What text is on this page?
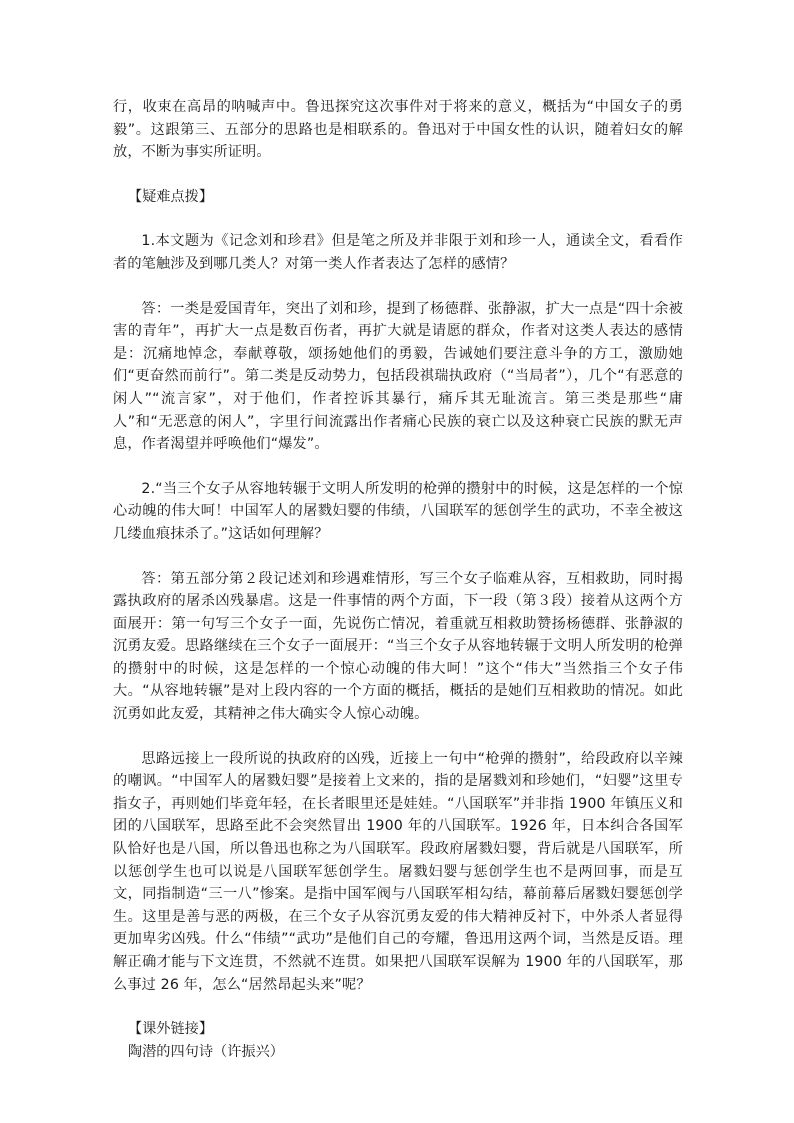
行，收束在高昂的呐喊声中。鲁迅探究这次事件对于将来的意义，概括为“中国女子的勇毅”。这跟第三、五部分的思路也是相联系的。鲁迅对于中国女性的认识，随着妇女的解放，不断为事实所证明。

【疑难点拨】

1.本文题为《记念刘和珍君》但是笔之所及并非限于刘和珍一人，通读全文，看看作者的笔触涉及到哪几类人？对第一类人作者表达了怎样的感情？

答：一类是爱国青年，突出了刘和珍，提到了杨德群、张静淑，扩大一点是“四十余被害的青年”，再扩大一点是数百伤者，再扩大就是请愿的群众，作者对这类人表达的感情是：沉痛地悼念，奉献尊敬，颂扬她他们的勇毅，告诫她们要注意斗争的方工，激励她们“更奋然而前行”。第二类是反动势力，包括段祺瑞执政府（“当局者”），几个“有恶意的闲人”“流言家”，对于他们，作者控诉其暴行，痛斥其无耻流言。第三类是那些“庸人”和“无恶意的闲人”，字里行间流露出作者痛心民族的衰亡以及这种衰亡民族的默无声息，作者渴望并呼唤他们“爆发”。

2.“当三个女子从容地转辗于文明人所发明的枪弹的攒射中的时候，这是怎样的一个惊心动魄的伟大呵！中国军人的屠戮妇婴的伟绩，八国联军的惩创学生的武功，不幸全被这几缕血痕抹杀了。”这话如何理解？

答：第五部分第２段记述刘和珍遇难情形，写三个女子临难从容，互相救助，同时揭露执政府的屠杀凶残暴虐。这是一件事情的两个方面，下一段（第３段）接着从这两个方面展开：第一句写三个女子一面，先说伤亡情况，着重就互相救助赞扬杨德群、张静淑的沉勇友爱。思路继续在三个女子一面展开：“当三个女子从容地转辗于文明人所发明的枪弹的攒射中的时候，这是怎样的一个惊心动魄的伟大呵！”这个“伟大”当然指三个女子伟大。“从容地转辗”是对上段内容的一个方面的概括，概括的是她们互相救助的情况。如此沉勇如此友爱，其精神之伟大确实令人惊心动魄。

思路远接上一段所说的执政府的凶残，近接上一句中“枪弹的攒射”，给段政府以辛辣的嘲讽。“中国军人的屠戮妇婴”是接着上文来的，指的是屠戮刘和珍她们，“妇婴”这里专指女子，再则她们毕竟年轻，在长者眼里还是娃娃。“八国联军”并非指 1900 年镇压义和团的八国联军，思路至此不会突然冒出 1900 年的八国联军。1926 年，日本纠合各国军队恰好也是八国，所以鲁迅也称之为八国联军。段政府屠戮妇婴，背后就是八国联军，所以惩创学生也可以说是八国联军惩创学生。屠戮妇婴与惩创学生也不是两回事，而是互文，同指制造“三一八”惨案。是指中国军阀与八国联军相勾结，幕前幕后屠戮妇婴惩创学生。这里是善与恶的两极，在三个女子从容沉勇友爱的伟大精神反衬下，中外杀人者显得更加卑劣凶残。什么“伟绩”“武功”是他们自己的夸耀，鲁迅用这两个词，当然是反语。理解正确才能与下文连贯，不然就不连贯。如果把八国联军误解为 1900 年的八国联军，那么事过 26 年，怎么“居然昂起头来”呢？

【课外链接】

陶潜的四句诗（许振兴）
